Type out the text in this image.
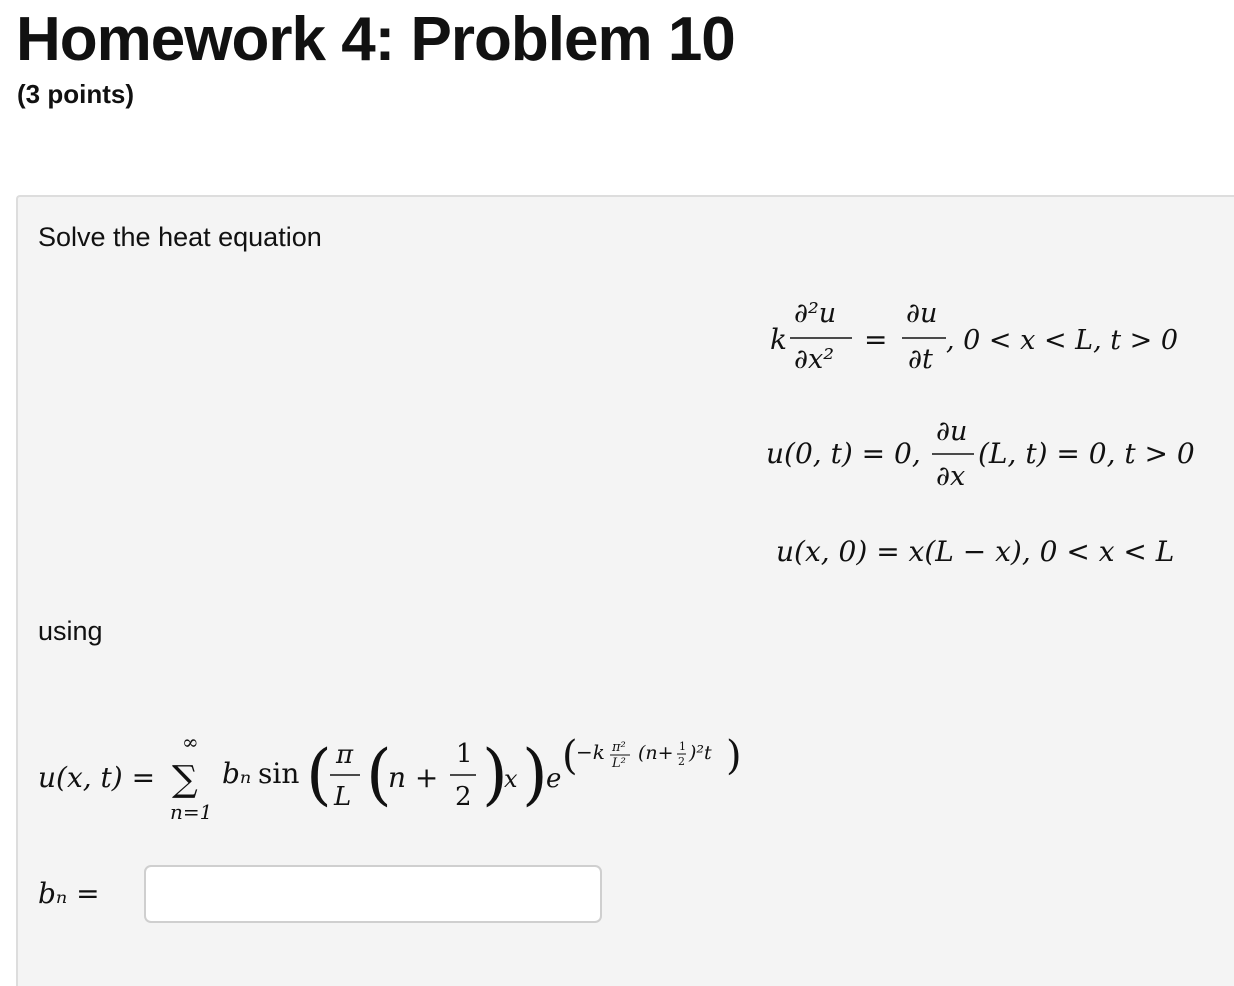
Homework 4: Problem 10
(3 points)

Solve the heat equation

using

k
∂²u
∂x²
=
∂u
∂t
, 0 < x < L, t > 0
u(0, t) = 0,
∂u
∂x
(L, t) = 0, t > 0
u(x, 0) = x(L − x), 0 < x < L
u(x, t) =
∞
∑
n=1
bₙ sin ( π
L (
n +
1
2 )
x )
e (
−k π²
L² (n+ 1
2 )²t )
bₙ =
